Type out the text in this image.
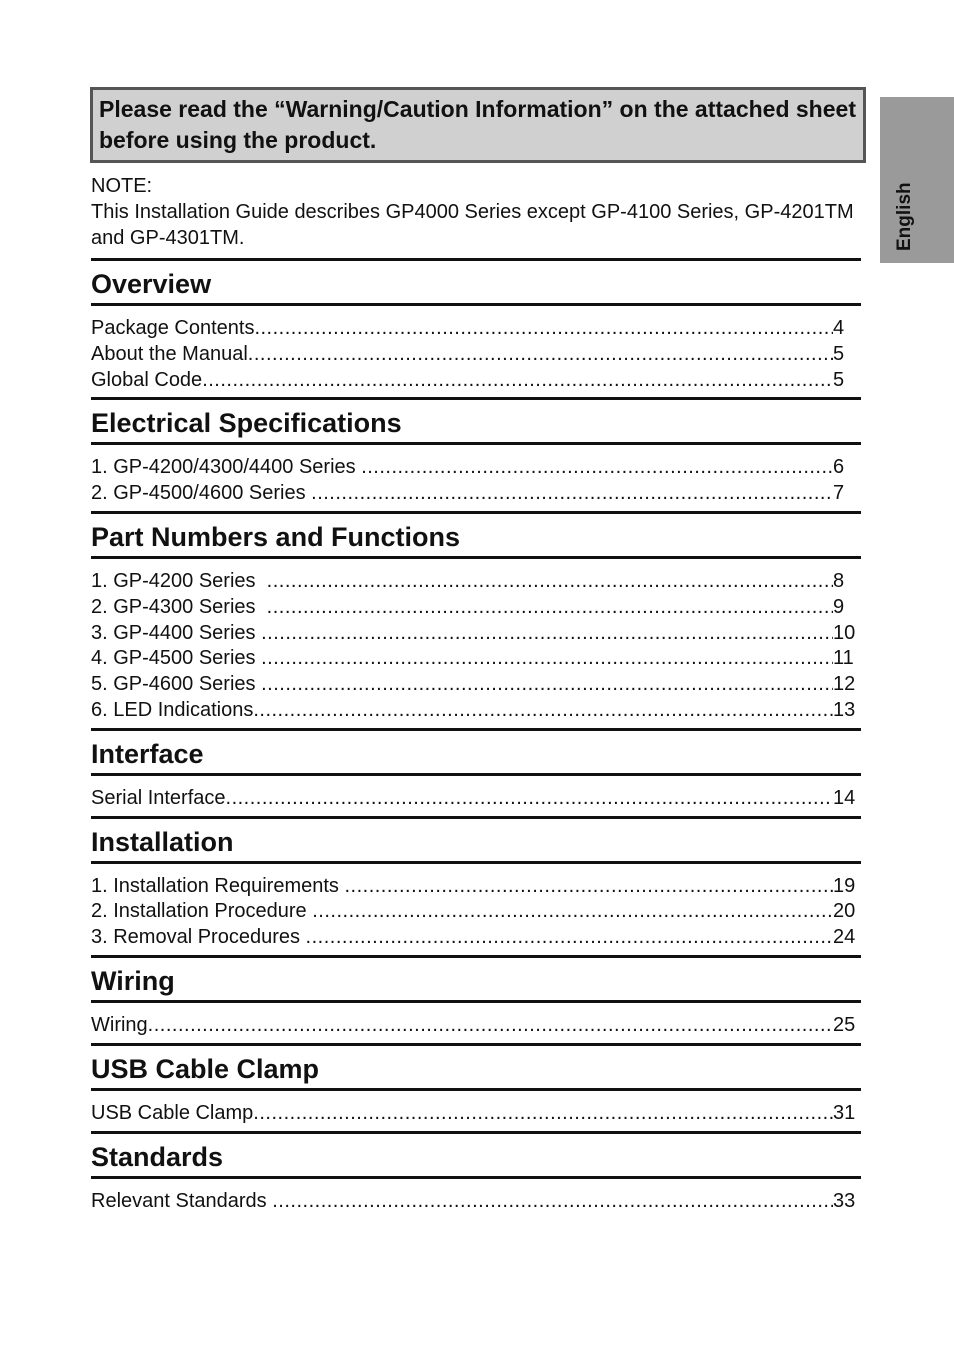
Please read the “Warning/Caution Information” on the attached sheet before using the product.
English
NOTE:
This Installation Guide describes GP4000 Series except GP-4100 Series, GP-4201TM and GP-4301TM.
Overview
Package Contents .....	4
About the Manual .....	5
Global Code .....	5
Electrical Specifications
1. GP-4200/4300/4400 Series .....	6
2. GP-4500/4600 Series .....	7
Part Numbers and Functions
1. GP-4200 Series .....	8
2. GP-4300 Series .....	9
3. GP-4400 Series .....	10
4. GP-4500 Series .....	11
5. GP-4600 Series .....	12
6. LED Indications .....	13
Interface
Serial Interface .....	14
Installation
1. Installation Requirements .....	19
2. Installation Procedure .....	20
3. Removal Procedures .....	24
Wiring
Wiring .....	25
USB Cable Clamp
USB Cable Clamp .....	31
Standards
Relevant Standards .....	33
